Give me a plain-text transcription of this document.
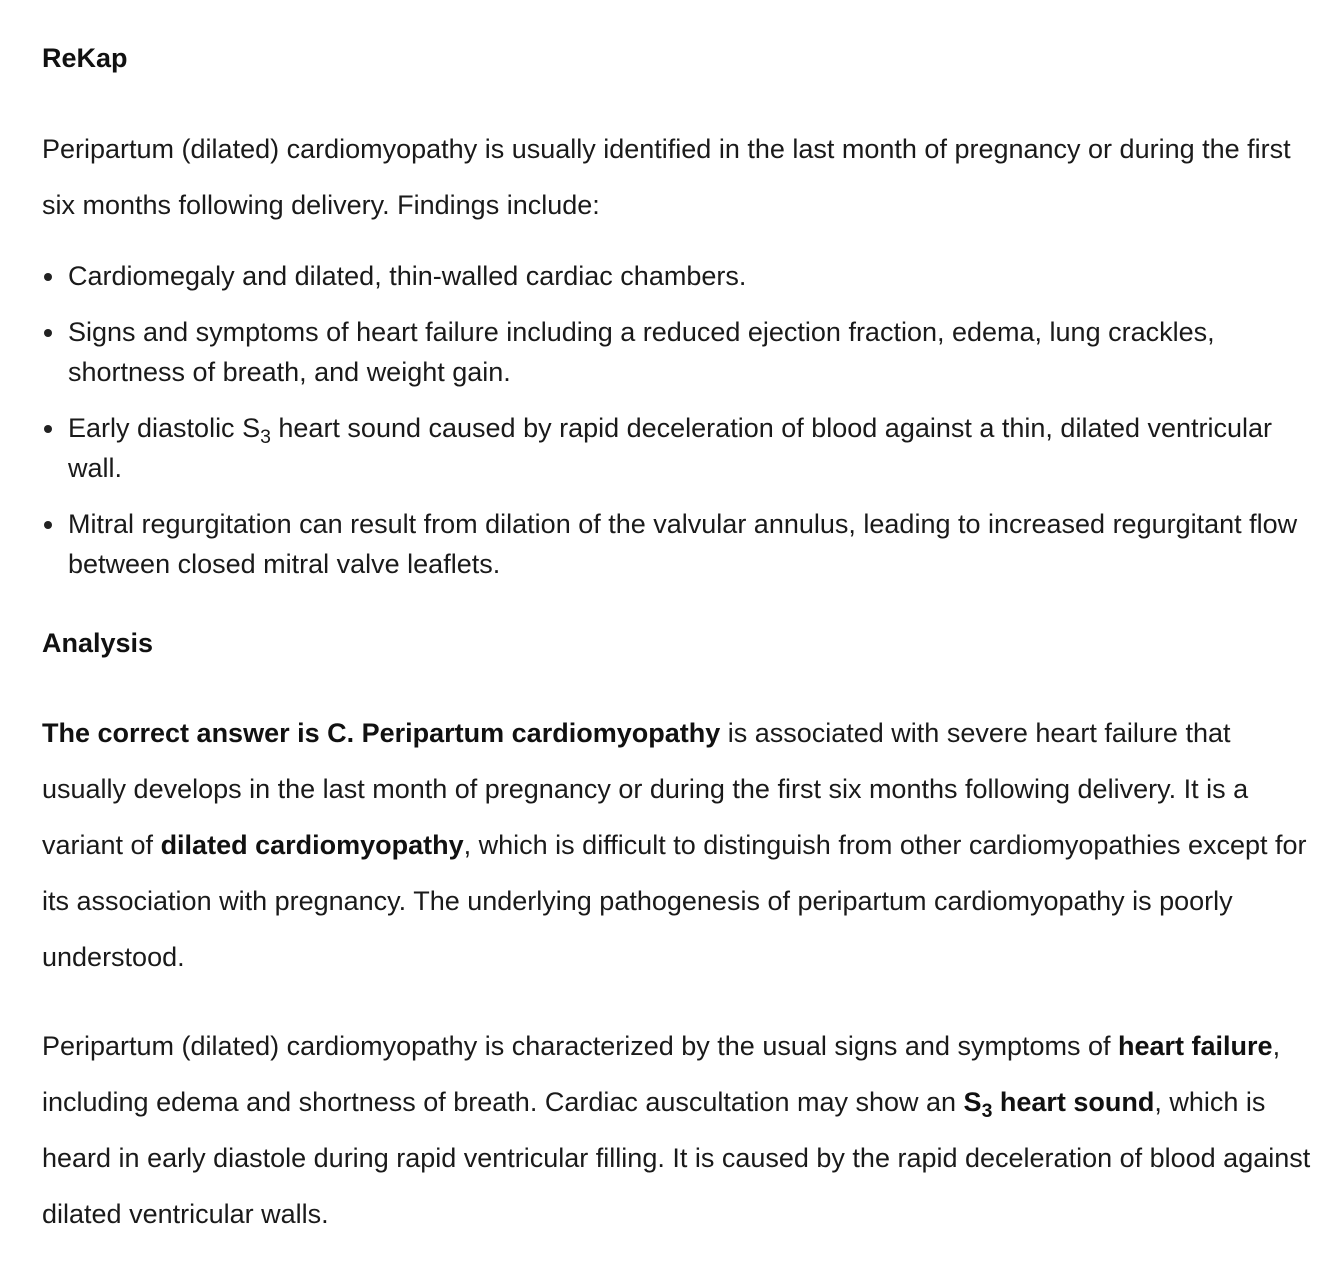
ReKap

Peripartum (dilated) cardiomyopathy is usually identified in the last month of pregnancy or during the first six months following delivery. Findings include:

Cardiomegaly and dilated, thin-walled cardiac chambers.
Signs and symptoms of heart failure including a reduced ejection fraction, edema, lung crackles, shortness of breath, and weight gain.
Early diastolic $S_3$ heart sound caused by rapid deceleration of blood against a thin, dilated ventricular wall.
Mitral regurgitation can result from dilation of the valvular annulus, leading to increased regurgitant flow between closed mitral valve leaflets.
Analysis

The correct answer is C. Peripartum cardiomyopathy is associated with severe heart failure that usually develops in the last month of pregnancy or during the first six months following delivery. It is a variant of dilated cardiomyopathy, which is difficult to distinguish from other cardiomyopathies except for its association with pregnancy. The underlying pathogenesis of peripartum cardiomyopathy is poorly understood.

Peripartum (dilated) cardiomyopathy is characterized by the usual signs and symptoms of heart failure, including edema and shortness of breath. Cardiac auscultation may show an $S_3$ heart sound, which is heard in early diastole during rapid ventricular filling. It is caused by the rapid deceleration of blood against dilated ventricular walls.
